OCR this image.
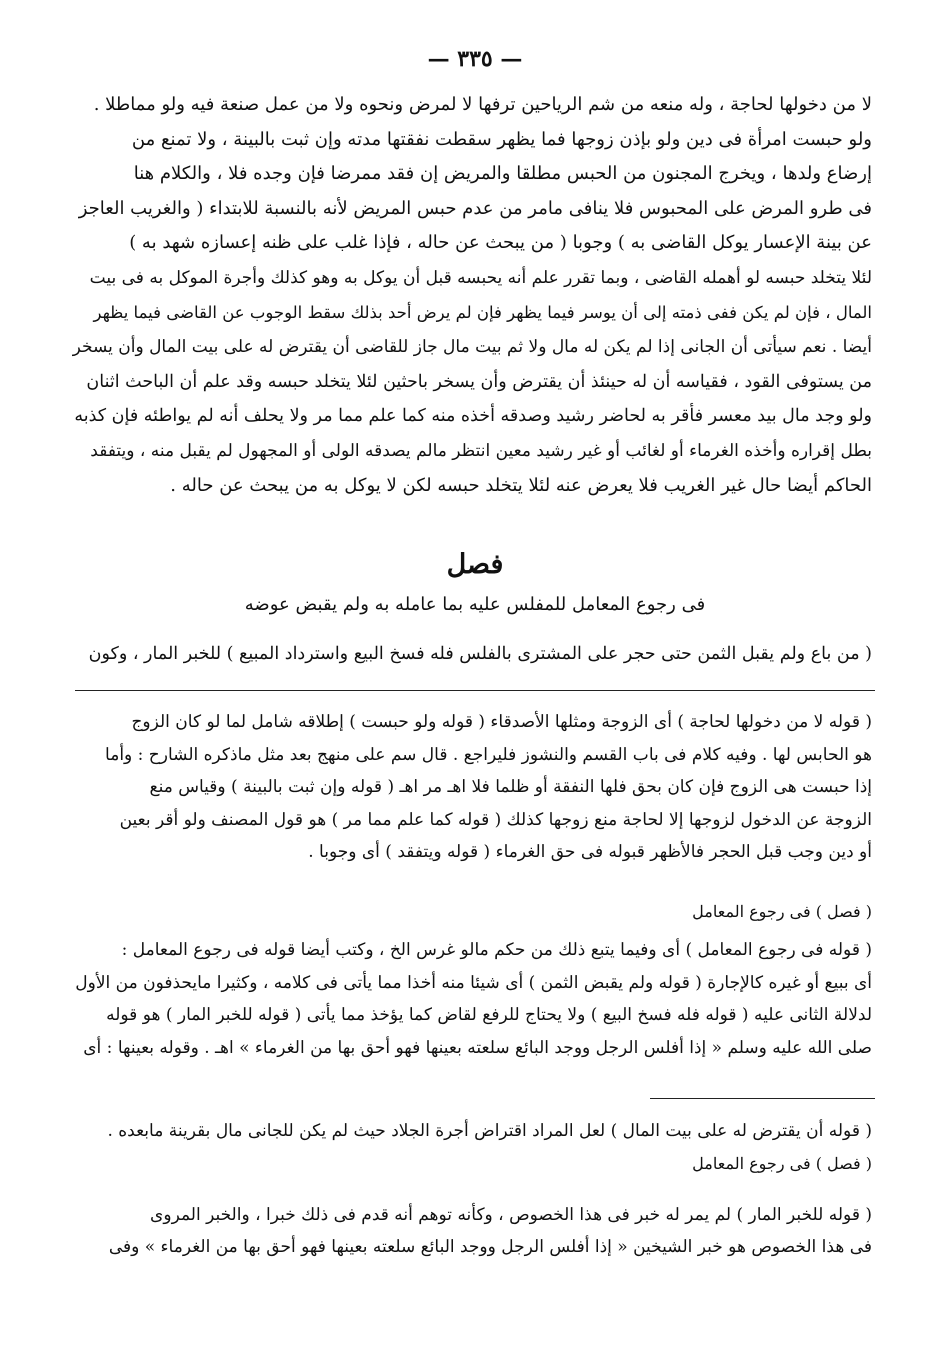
— ٣٣٥ —
لا من دخولها لحاجة ، وله منعه من شم الرياحين ترفها لا لمرض ونحوه ولا من عمل صنعة فيه ولو مماطلا .
ولو حبست امرأة فى دين ولو بإذن زوجها فما يظهر سقطت نفقتها مدته وإن ثبت بالبينة ، ولا تمنع من
إرضاع ولدها ، ويخرج المجنون من الحبس مطلقا والمريض إن فقد ممرضا فإن وجده فلا ، والكلام هنا
فى طرو المرض على المحبوس فلا ينافى مامر من عدم حبس المريض لأنه بالنسبة للابتداء ( والغريب العاجز
عن بينة الإعسار يوكل القاضى به ) وجوبا ( من يبحث عن حاله ، فإذا غلب على ظنه إعسازه شهد به )
لئلا يتخلد حبسه لو أهمله القاضى ، وبما تقرر علم أنه يحبسه قبل أن يوكل به وهو كذلك وأجرة الموكل به فى بيت
المال ، فإن لم يكن ففى ذمته إلى أن يوسر فيما يظهر فإن لم يرض أحد بذلك سقط الوجوب عن القاضى فيما يظهر
أيضا . نعم سيأتى أن الجانى إذا لم يكن له مال ولا ثم بيت مال جاز للقاضى أن يقترض له على بيت المال وأن يسخر
من يستوفى القود ، فقياسه أن له حينئذ أن يقترض وأن يسخر باحثين لئلا يتخلد حبسه وقد علم أن الباحث اثنان
ولو وجد مال بيد معسر فأقر به لحاضر رشيد وصدقه أخذه منه كما علم مما مر ولا يحلف أنه لم يواطئه فإن كذبه
بطل إقراره وأخذه الغرماء أو لغائب أو غير رشيد معين انتظر مالم يصدقه الولى أو المجهول لم يقبل منه ، ويتفقد
الحاكم أيضا حال غير الغريب فلا يعرض عنه لئلا يتخلد حبسه لكن لا يوكل به من يبحث عن حاله .
فصل
فى رجوع المعامل للمفلس عليه بما عامله به ولم يقبض عوضه
( من باع ولم يقبل الثمن حتى حجر على المشترى بالفلس فله فسخ البيع واسترداد المبيع ) للخبر المار ، وكون
( قوله لا من دخولها لحاجة ) أى الزوجة ومثلها الأصدقاء ( قوله ولو حبست ) إطلاقه شامل لما لو كان الزوج
هو الحابس لها . وفيه كلام فى باب القسم والنشوز فليراجع . قال سم على منهج بعد مثل ماذكره الشارح : وأما
إذا حبست هى الزوج فإن كان بحق فلها النفقة أو ظلما فلا اهـ مر اهـ ( قوله وإن ثبت بالبينة ) وقياس منع
الزوجة عن الدخول لزوجها إلا لحاجة منع زوجها كذلك ( قوله كما علم مما مر ) هو قول المصنف ولو أقر بعين
أو دين وجب قبل الحجر فالأظهر قبوله فى حق الغرماء ( قوله ويتفقد ) أى وجوبا .
( فصل ) فى رجوع المعامل
( قوله فى رجوع المعامل ) أى وفيما يتبع ذلك من حكم مالو غرس الخ ، وكتب أيضا قوله فى رجوع المعامل :
أى ببيع أو غيره كالإجارة ( قوله ولم يقبض الثمن ) أى شيئا منه أخذا مما يأتى فى كلامه ، وكثيرا مايحذفون من الأول
لدلالة الثانى عليه ( قوله فله فسخ البيع ) ولا يحتاج للرفع لقاض كما يؤخذ مما يأتى ( قوله للخبر المار ) هو قوله
صلى الله عليه وسلم « إذا أفلس الرجل ووجد البائع سلعته بعينها فهو أحق بها من الغرماء » اهـ . وقوله بعينها : أى
( قوله أن يقترض له على بيت المال ) لعل المراد اقتراض أجرة الجلاد حيث لم يكن للجانى مال بقرينة مابعده .
( فصل ) فى رجوع المعامل
( قوله للخبر المار ) لم يمر له خبر فى هذا الخصوص ، وكأنه توهم أنه قدم فى ذلك خبرا ، والخبر المروى
فى هذا الخصوص هو خبر الشيخين « إذا أفلس الرجل ووجد البائع سلعته بعينها فهو أحق بها من الغرماء » وفى
